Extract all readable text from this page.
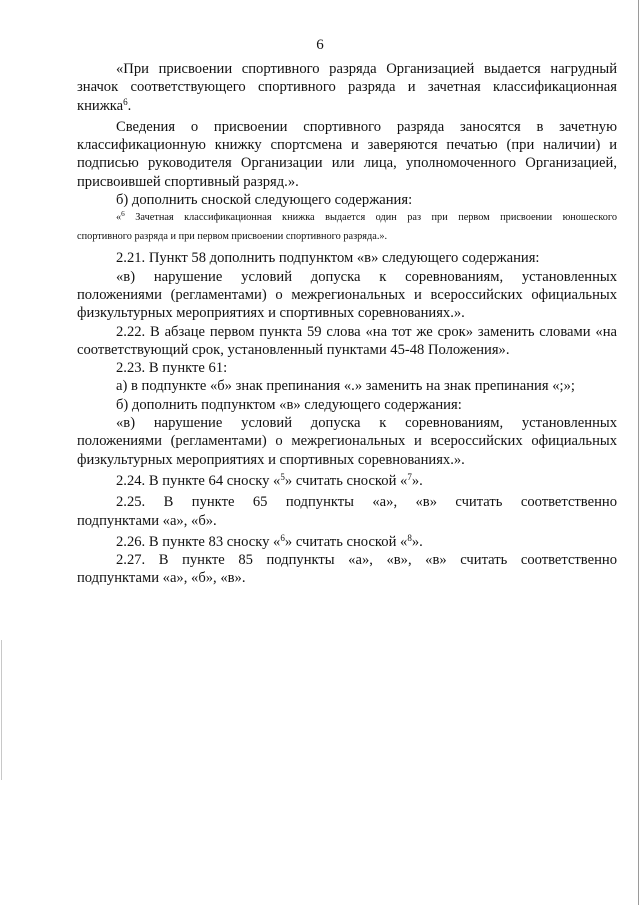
6

«При присвоении спортивного разряда Организацией выдается нагрудный

значок соответствующего спортивного разряда и зачетная классификационная

книжка$^6$.

Сведения о присвоении спортивного разряда заносятся в зачетную

классификационную книжку спортсмена и заверяются печатью (при наличии) и

подписью руководителя Организации или лица, уполномоченного Организацией,

присвоившей спортивный разряд.».

б) дополнить сноской следующего содержания:

«$^6$ Зачетная классификационная книжка выдается один раз при первом присвоении юношеского

спортивного разряда и при первом присвоении спортивного разряда.».

2.21. Пункт 58 дополнить подпунктом «в» следующего содержания:

«в) нарушение условий допуска к соревнованиям, установленных

положениями (регламентами) о межрегиональных и всероссийских официальных

физкультурных мероприятиях и спортивных соревнованиях.».

2.22. В абзаце первом пункта 59 слова «на тот же срок» заменить словами «на

соответствующий срок, установленный пунктами 45-48 Положения».

2.23. В пункте 61:

а) в подпункте «б» знак препинания «.» заменить на знак препинания «;»;

б) дополнить подпунктом «в» следующего содержания:

«в) нарушение условий допуска к соревнованиям, установленных

положениями (регламентами) о межрегиональных и всероссийских официальных

физкультурных мероприятиях и спортивных соревнованиях.».

2.24. В пункте 64 сноску «$^5$» считать сноской «$^7$».

2.25. В пункте 65 подпункты «а», «в» считать соответственно

подпунктами «а», «б».

2.26. В пункте 83 сноску «$^6$» считать сноской «$^8$».

2.27. В пункте 85 подпункты «а», «в», «в» считать соответственно

подпунктами «а», «б», «в».
